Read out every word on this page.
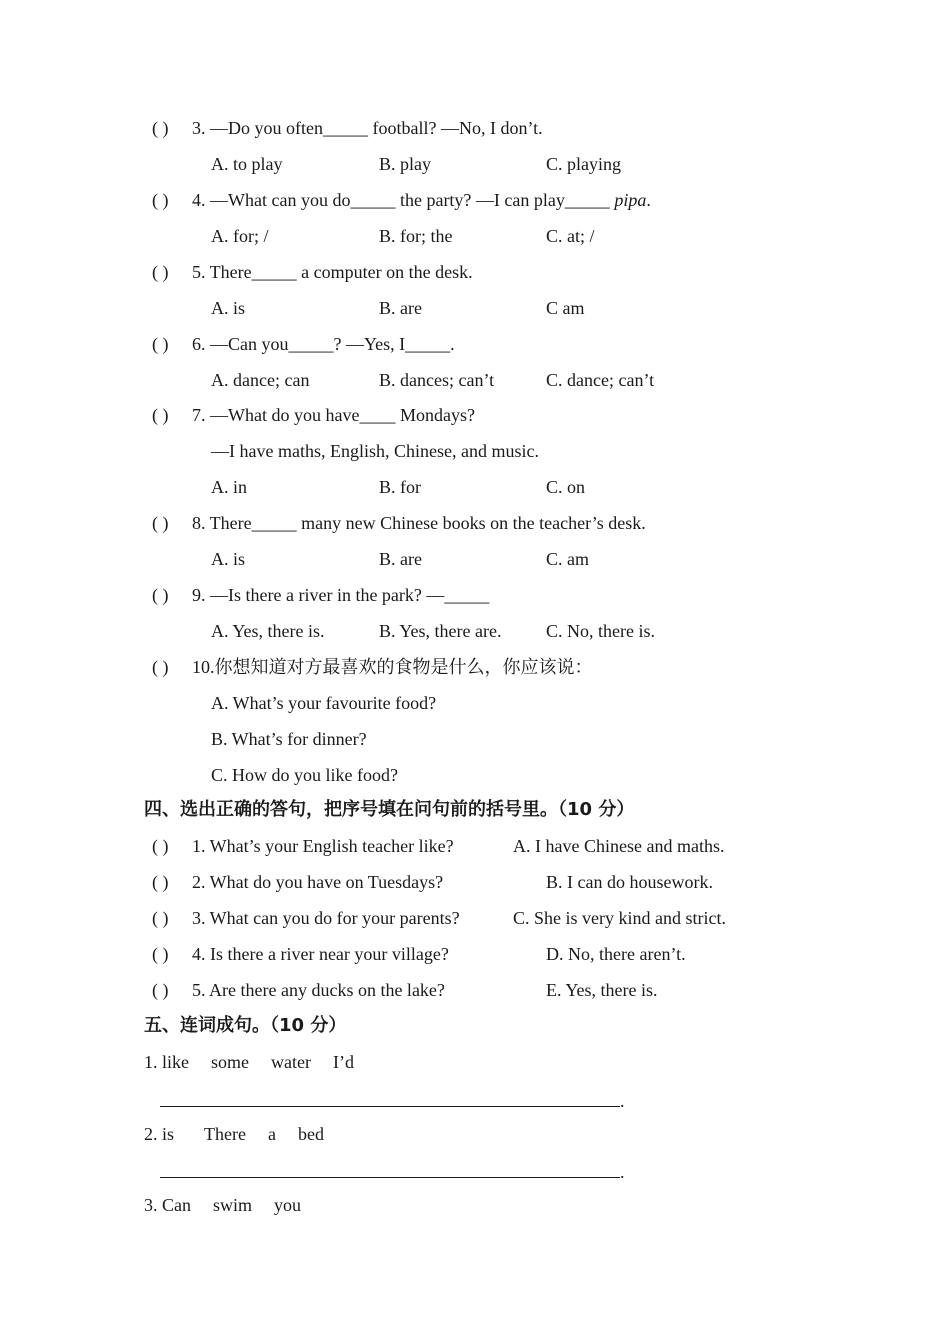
( ) 3. —Do you often_____ football? —No, I don’t.
A. to play	B. play	C. playing
( ) 4. —What can you do_____ the party? —I can play_____ pipa.
A. for; /	B. for; the	C. at; /
( ) 5. There_____ a computer on the desk.
A. is	B. are	C am
( ) 6. —Can you_____? —Yes, I_____.
A. dance; can	B. dances; can’t	C. dance; can’t
( ) 7. —What do you have____ Mondays?
—I have maths, English, Chinese, and music.
A. in	B. for	C. on
( ) 8. There_____ many new Chinese books on the teacher’s desk.
A. is	B. are	C. am
( ) 9. —Is there a river in the park? —_____
A. Yes, there is.	B. Yes, there are. C. No, there is.
( ) 10.你想知道对方最喜欢的食物是什么，你应该说：
A. What’s your favourite food?
B. What’s for dinner?
C. How do you like food?
四、选出正确的答句，把序号填在问句前的括号里。（10 分）
( ) 1. What’s your English teacher like?	A. I have Chinese and maths.
( ) 2. What do you have on Tuesdays?	B. I can do housework.
( ) 3. What can you do for your parents?	C. She is very kind and strict.
( ) 4. Is there a river near your village?	D. No, there aren’t.
( ) 5. Are there any ducks on the lake?	E. Yes, there is.
五、连词成句。（10 分）
1. like some water I’d
.
2. is There a bed
.
3. Can swim you
